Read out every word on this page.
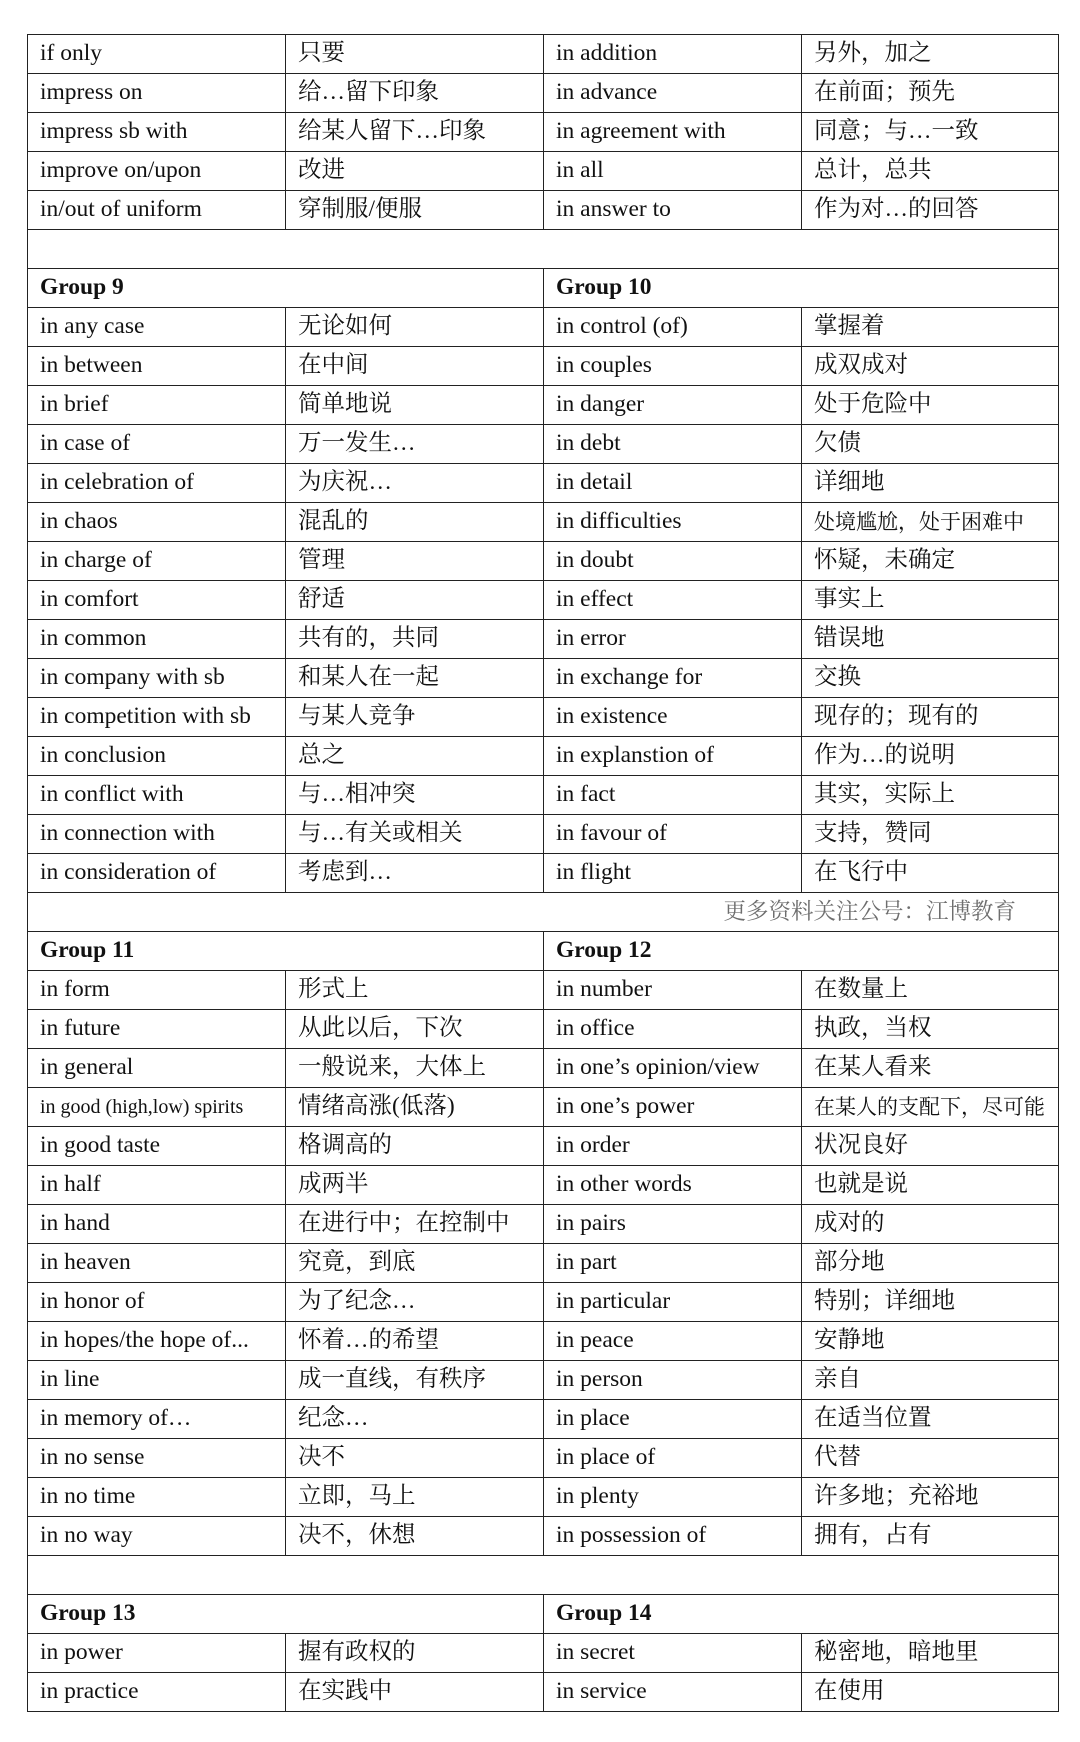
if only	只要	in addition	另外，加之
impress on	给…留下印象	in advance	在前面；预先
impress sb with	给某人留下…印象	in agreement with	同意；与…一致
improve on/upon	改进	in all	总计，总共
in/out of uniform	穿制服/便服	in answer to	作为对…的回答

Group 9		Group 10	
in any case	无论如何	in control (of)	掌握着
in between	在中间	in couples	成双成对
in brief	简单地说	in danger	处于危险中
in case of	万一发生…	in debt	欠债
in celebration of	为庆祝…	in detail	详细地
in chaos	混乱的	in difficulties	处境尴尬，处于困难中
in charge of	管理	in doubt	怀疑，未确定
in comfort	舒适	in effect	事实上
in common	共有的，共同	in error	错误地
in company with sb	和某人在一起	in exchange for	交换
in competition with sb	与某人竞争	in existence	现存的；现有的
in conclusion	总之	in explanstion of	作为…的说明
in conflict with	与…相冲突	in fact	其实，实际上
in connection with	与…有关或相关	in favour of	支持，赞同
in consideration of	考虑到…	in flight	在飞行中
更多资料关注公号：江博教育			
Group 11		Group 12	
in form	形式上	in number	在数量上
in future	从此以后，下次	in office	执政，当权
in general	一般说来，大体上	in one’s opinion/view	在某人看来
in good (high,low) spirits	情绪高涨(低落)	in one’s power	在某人的支配下，尽可能
in good taste	格调高的	in order	状况良好
in half	成两半	in other words	也就是说
in hand	在进行中；在控制中	in pairs	成对的
in heaven	究竟，到底	in part	部分地
in honor of	为了纪念…	in particular	特别；详细地
in hopes/the hope of...	怀着…的希望	in peace	安静地
in line	成一直线，有秩序	in person	亲自
in memory of…	纪念…	in place	在适当位置
in no sense	决不	in place of	代替
in no time	立即，马上	in plenty	许多地；充裕地
in no way	决不，休想	in possession of	拥有，占有

Group 13		Group 14	
in power	握有政权的	in secret	秘密地，暗地里
in practice	在实践中	in service	在使用
